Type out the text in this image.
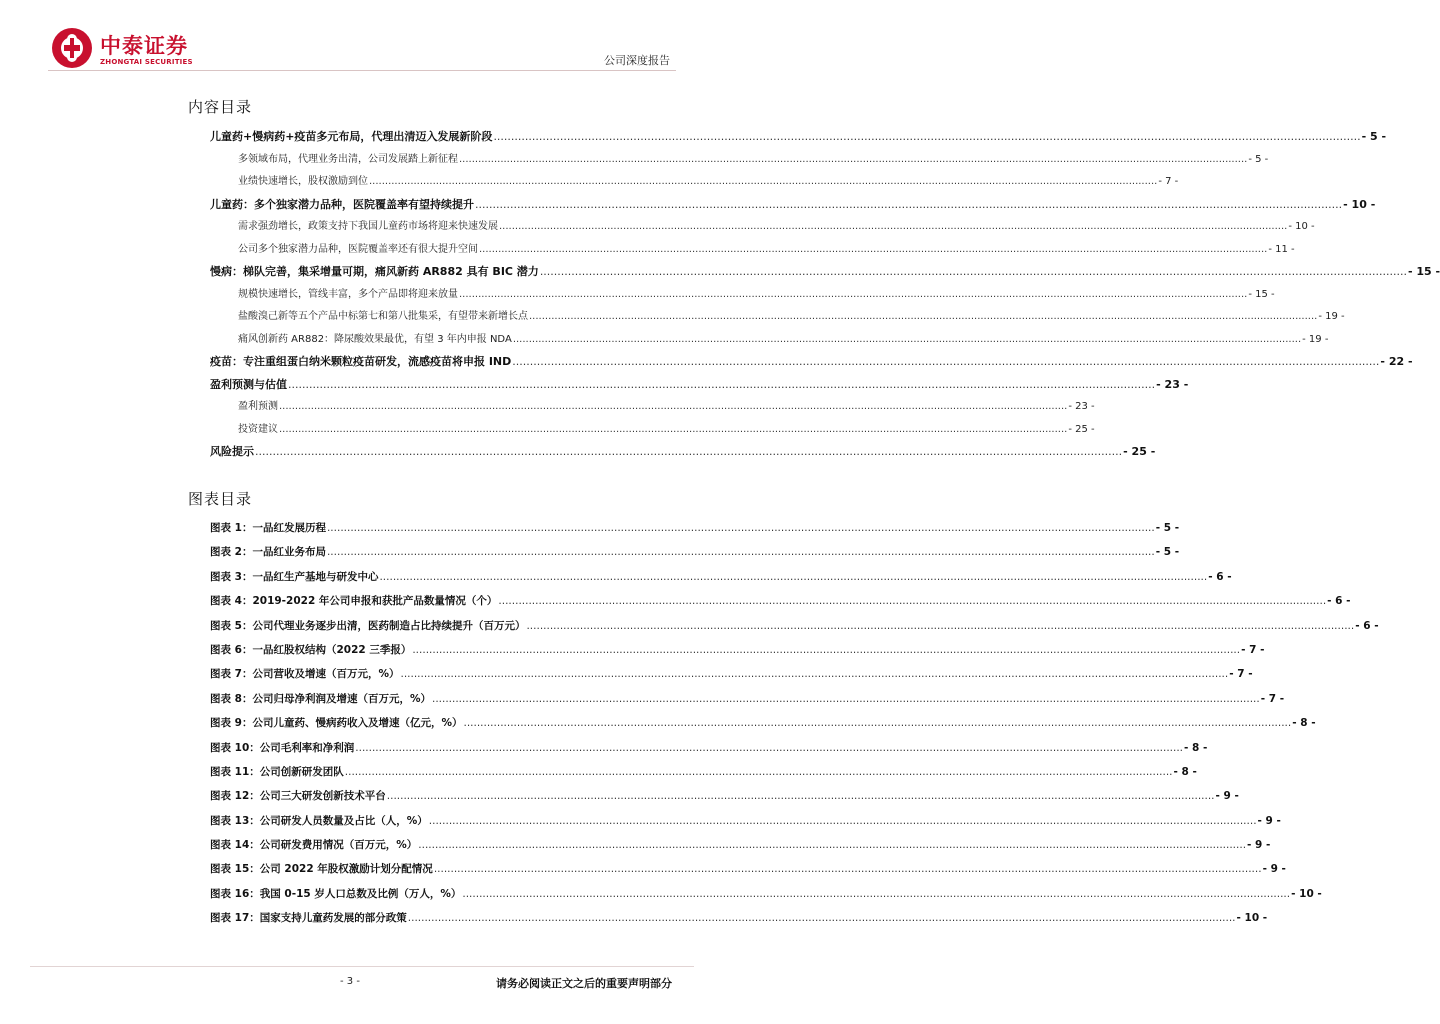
中泰证券
ZHONGTAI SECURITIES	公司深度报告
内容目录
儿童药+慢病药+疫苗多元布局，代理出清迈入发展新阶段 .....	- 5 -
多领域布局，代理业务出清，公司发展踏上新征程 .....	- 5 -
业绩快速增长，股权激励到位 .....	- 7 -
儿童药：多个独家潜力品种，医院覆盖率有望持续提升 .....	- 10 -
需求强劲增长，政策支持下我国儿童药市场将迎来快速发展 .....	- 10 -
公司多个独家潜力品种，医院覆盖率还有很大提升空间 .....	- 11 -
慢病：梯队完善，集采增量可期，痛风新药 AR882 具有 BIC 潜力 .....	- 15 -
规模快速增长，管线丰富，多个产品即将迎来放量 .....	- 15 -
盐酸溴己新等五个产品中标第七和第八批集采，有望带来新增长点 .....	- 19 -
痛风创新药 AR882：降尿酸效果最优，有望 3 年内申报 NDA .....	- 19 -
疫苗：专注重组蛋白纳米颗粒疫苗研发，流感疫苗将申报 IND .....	- 22 -
盈利预测与估值 .....	- 23 -
盈利预测 .....	- 23 -
投资建议 .....	- 25 -
风险提示 .....	- 25 -
图表目录
图表 1：一品红发展历程 .....	- 5 -
图表 2：一品红业务布局 .....	- 5 -
图表 3：一品红生产基地与研发中心 .....	- 6 -
图表 4：2019-2022 年公司申报和获批产品数量情况（个） .....	- 6 -
图表 5：公司代理业务逐步出清，医药制造占比持续提升（百万元） .....	- 6 -
图表 6：一品红股权结构（2022 三季报） .....	- 7 -
图表 7：公司营收及增速（百万元，%） .....	- 7 -
图表 8：公司归母净利润及增速（百万元，%） .....	- 7 -
图表 9：公司儿童药、慢病药收入及增速（亿元，%） .....	- 8 -
图表 10：公司毛利率和净利润 .....	- 8 -
图表 11：公司创新研发团队 .....	- 8 -
图表 12：公司三大研发创新技术平台 .....	- 9 -
图表 13：公司研发人员数量及占比（人，%） .....	- 9 -
图表 14：公司研发费用情况（百万元，%） .....	- 9 -
图表 15：公司 2022 年股权激励计划分配情况 .....	- 9 -
图表 16：我国 0-15 岁人口总数及比例（万人，%） .....	- 10 -
图表 17：国家支持儿童药发展的部分政策 .....	- 10 -
- 3 -	请务必阅读正文之后的重要声明部分
